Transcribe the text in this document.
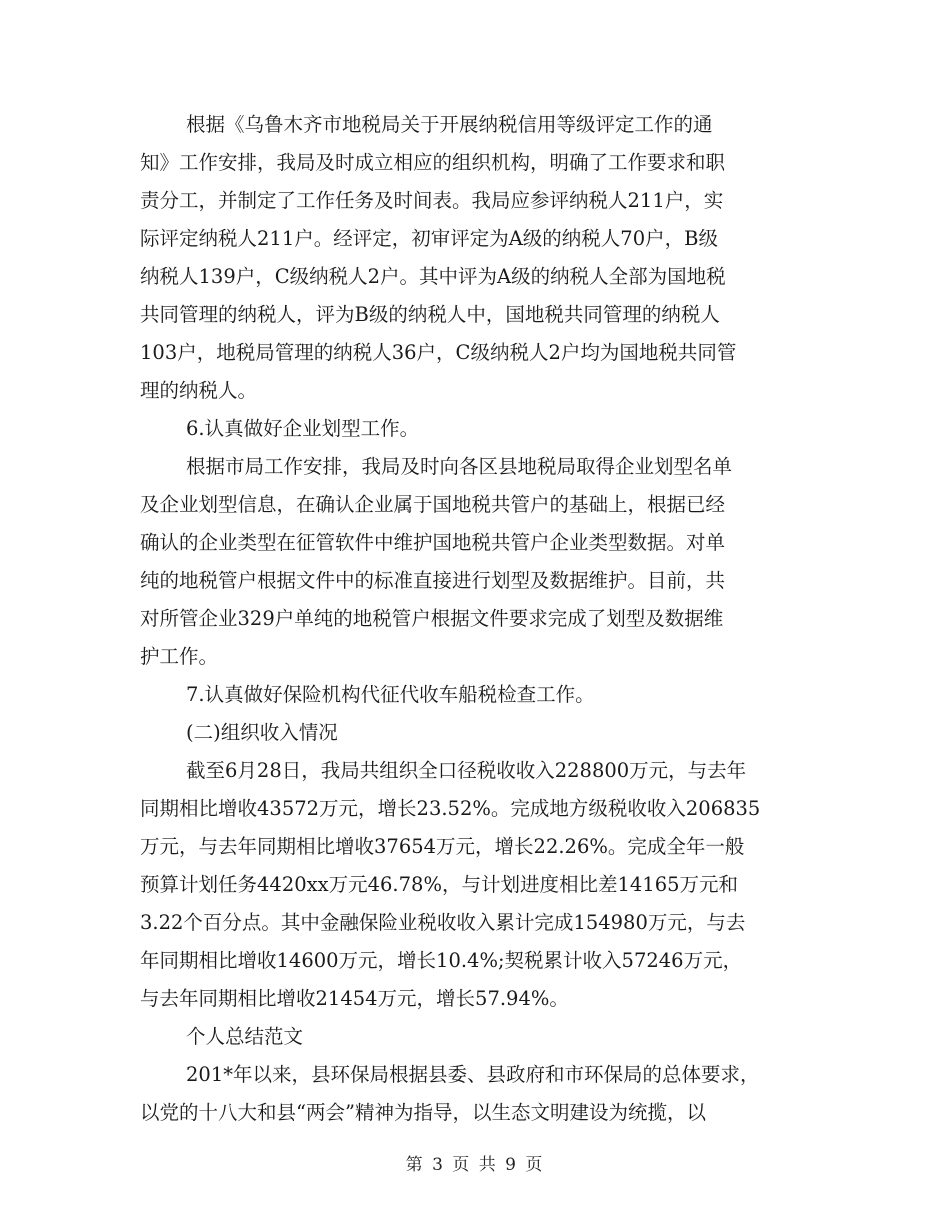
根据《乌鲁木齐市地税局关于开展纳税信用等级评定工作的通
知》工作安排，我局及时成立相应的组织机构，明确了工作要求和职
责分工，并制定了工作任务及时间表。我局应参评纳税人211户，实
际评定纳税人211户。经评定，初审评定为A级的纳税人70户，B级
纳税人139户，C级纳税人2户。其中评为A级的纳税人全部为国地税
共同管理的纳税人，评为B级的纳税人中，国地税共同管理的纳税人
103户，地税局管理的纳税人36户，C级纳税人2户均为国地税共同管
理的纳税人。
6.认真做好企业划型工作。
根据市局工作安排，我局及时向各区县地税局取得企业划型名单
及企业划型信息，在确认企业属于国地税共管户的基础上，根据已经
确认的企业类型在征管软件中维护国地税共管户企业类型数据。对单
纯的地税管户根据文件中的标准直接进行划型及数据维护。目前，共
对所管企业329户单纯的地税管户根据文件要求完成了划型及数据维
护工作。
7.认真做好保险机构代征代收车船税检查工作。
(二)组织收入情况
截至6月28日，我局共组织全口径税收收入228800万元，与去年
同期相比增收43572万元，增长23.52%。完成地方级税收收入206835
万元，与去年同期相比增收37654万元，增长22.26%。完成全年一般
预算计划任务4420xx万元46.78%，与计划进度相比差14165万元和
3.22个百分点。其中金融保险业税收收入累计完成154980万元，与去
年同期相比增收14600万元，增长10.4%;契税累计收入57246万元，
与去年同期相比增收21454万元，增长57.94%。
个人总结范文
201*年以来，县环保局根据县委、县政府和市环保局的总体要求，
以党的十八大和县“两会”精神为指导，以生态文明建设为统揽，以
第 3 页 共 9 页
